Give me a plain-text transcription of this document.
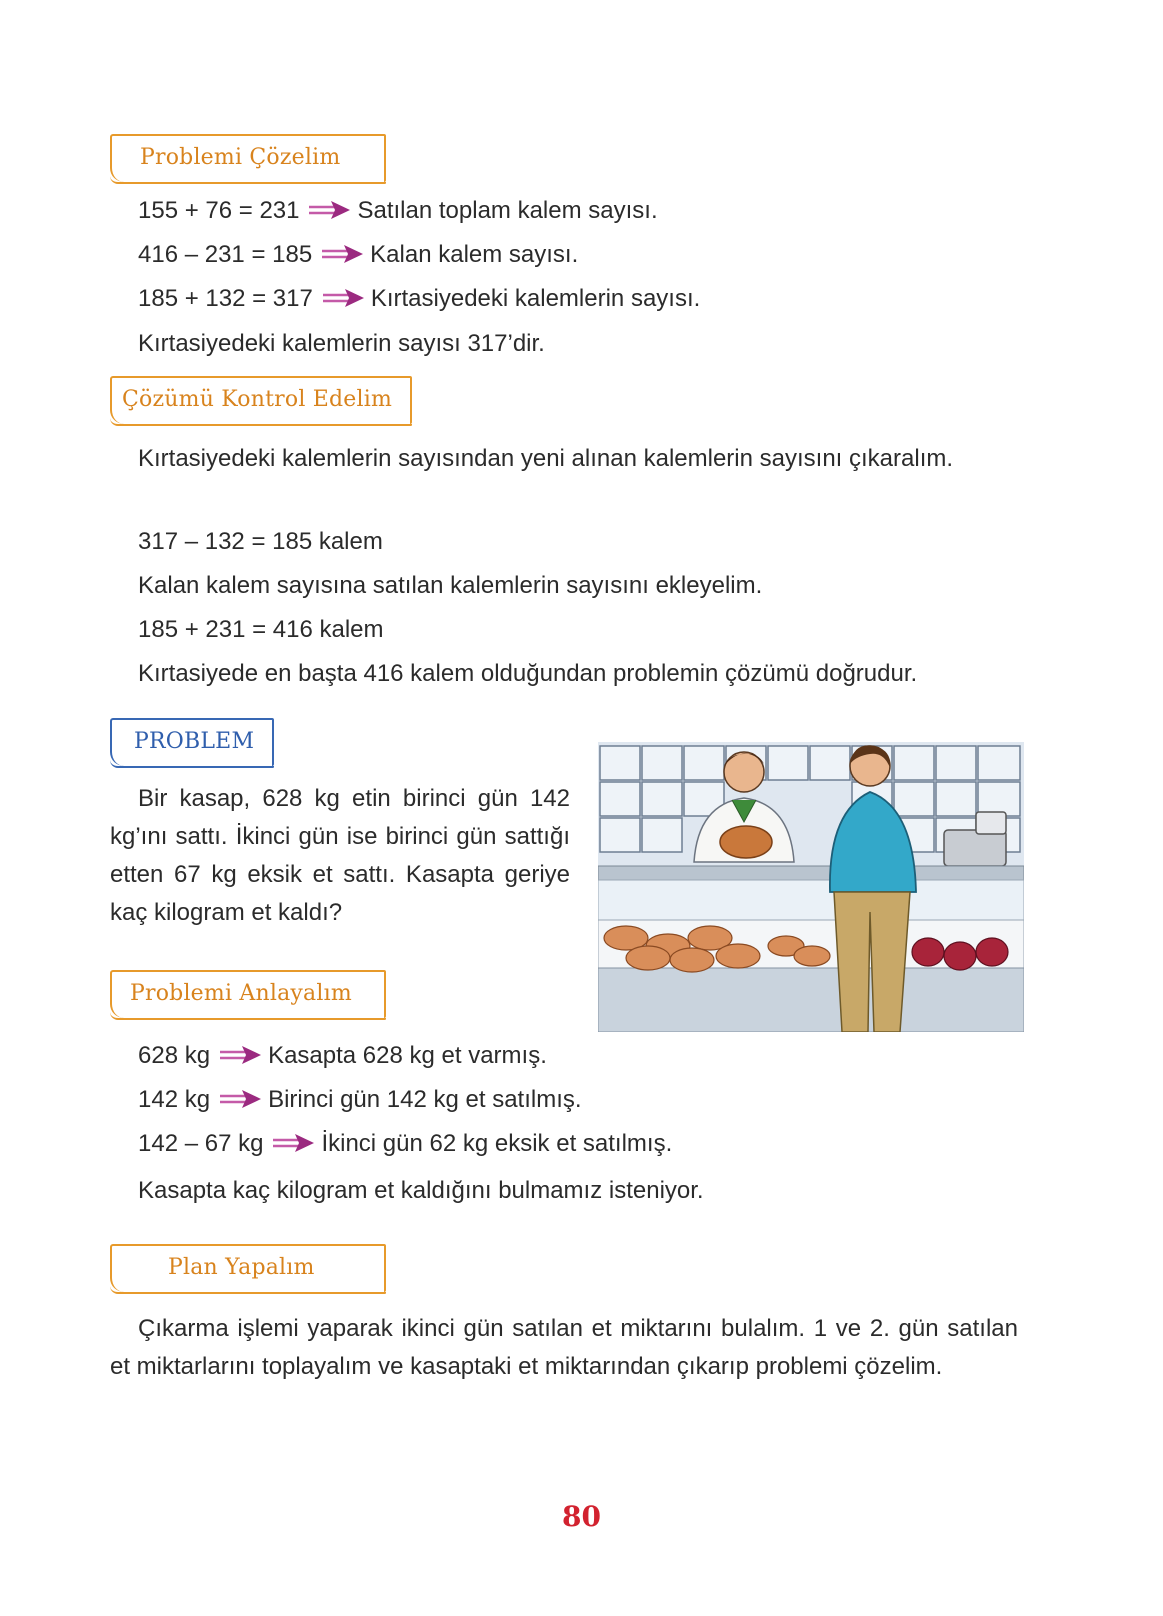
Problemi Çözelim
155 + 76 = 231 Satılan toplam kalem sayısı.
416 – 231 = 185 Kalan kalem sayısı.
185 + 132 = 317 Kırtasiyedeki kalemlerin sayısı.
Kırtasiyedeki kalemlerin sayısı 317’dir.
Çözümü Kontrol Edelim
Kırtasiyedeki kalemlerin sayısından yeni alınan kalemlerin sayısını çıkaralım.
317 – 132 = 185 kalem
Kalan kalem sayısına satılan kalemlerin sayısını ekleyelim.
185 + 231 = 416 kalem
Kırtasiyede en başta 416 kalem olduğundan problemin çözümü doğrudur.
PROBLEM
Bir kasap, 628 kg etin birinci gün 142 kg’ını sattı. İkinci gün ise birinci gün sattığı etten 67 kg eksik et sattı. Kasapta geriye kaç kilogram et kaldı?
Problemi Anlayalım
628 kg Kasapta 628 kg et varmış.
142 kg Birinci gün 142 kg et satılmış.
142 – 67 kg İkinci gün 62 kg eksik et satılmış.
Kasapta kaç kilogram et kaldığını bulmamız isteniyor.
Plan Yapalım
Çıkarma işlemi yaparak ikinci gün satılan et miktarını bulalım. 1 ve 2. gün satılan et miktarlarını toplayalım ve kasaptaki et miktarından çıkarıp problemi çözelim.
80
